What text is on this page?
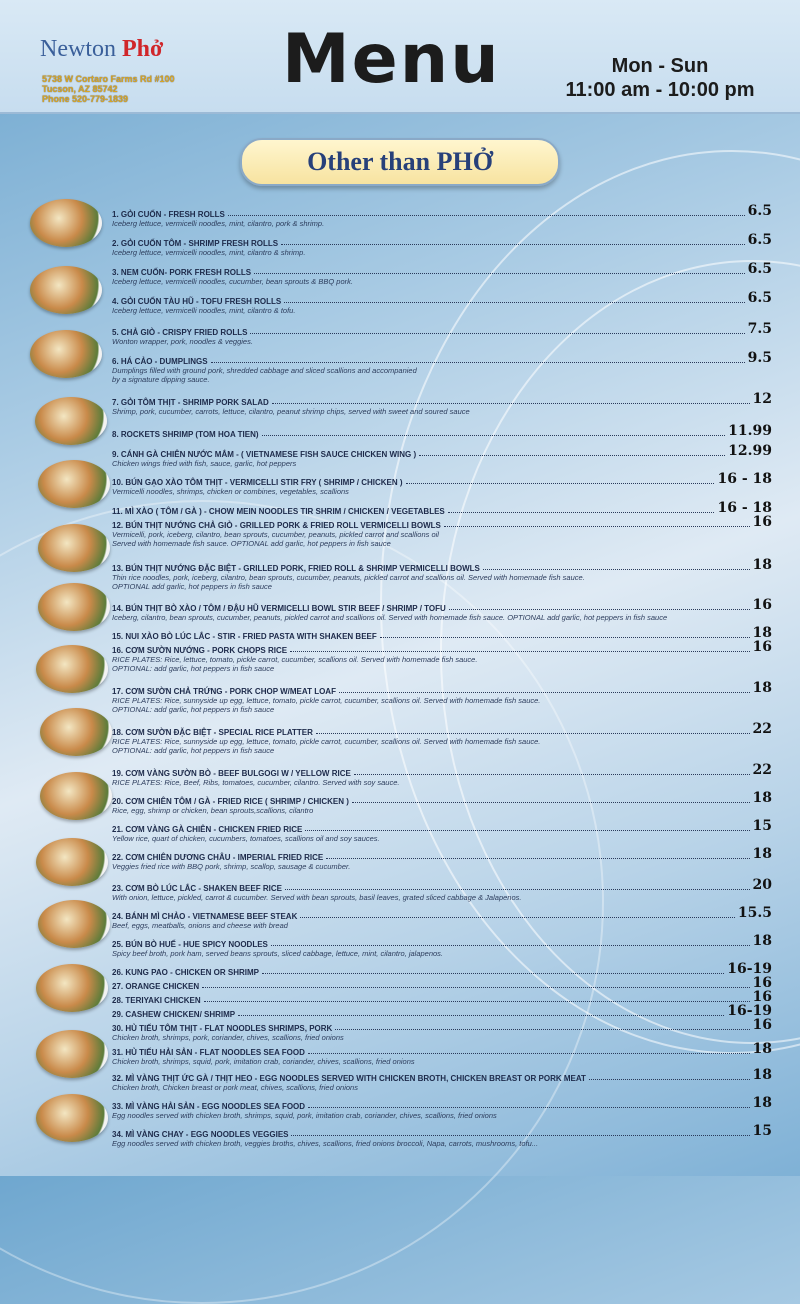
Newton Phở
5738 W Cortaro Farms Rd #100
Tucson, AZ 85742
Phone 520-779-1839	Menu	Mon - Sun
11:00 am - 10:00 pm
Other than PHỞ
1. GỎI CUỐN - FRESH ROLLS	6.5
Iceberg lettuce, vermicelli noodles, mint, cilantro, pork & shrimp.
2. GỎI CUỐN TÔM - SHRIMP FRESH ROLLS	6.5
Iceberg lettuce, vermicelli noodles, mint, cilantro & shrimp.
3. NEM CUỐN- PORK FRESH ROLLS	6.5
Iceberg lettuce, vermicelli noodles, cucumber, bean sprouts & BBQ pork.
4. GỎI CUỐN TÀU HŨ - TOFU FRESH ROLLS	6.5
Iceberg lettuce, vermicelli noodles, mint, cilantro & tofu.
5. CHẢ GIÒ - CRISPY FRIED ROLLS	7.5
Wonton wrapper, pork, noodles & veggies.
6. HÁ CẢO - DUMPLINGS	9.5
Dumplings filled with ground pork, shredded cabbage and sliced scallions and accompanied
by a signature dipping sauce.
7. GỎI TÔM THỊT - SHRIMP PORK SALAD	12
Shrimp, pork, cucumber, carrots, lettuce, cilantro, peanut shrimp chips, served with sweet and soured sauce
8. ROCKETS SHRIMP (TOM HOA TIEN)	11.99
9. CÁNH GÀ CHIÊN NƯỚC MẮM - ( VIETNAMESE FISH SAUCE CHICKEN WING )	12.99
Chicken wings fried with fish, sauce, garlic, hot peppers
10. BÚN GẠO XÀO TÔM THỊT - VERMICELLI STIR FRY ( SHRIMP / CHICKEN )	16 - 18
Vermicelli noodles, shrimps, chicken or combines, vegetables, scallions
11. MÌ XÀO ( TÔM / GÀ ) - CHOW MEIN NOODLES TIR SHRIM / CHICKEN / VEGETABLES	16 - 18
12. BÚN THỊT NƯỚNG CHẢ GIÒ - GRILLED PORK & FRIED ROLL VERMICELLI BOWLS	16
Vermicelli, pork, iceberg, cilantro, bean sprouts, cucumber, peanuts, pickled carrot and scallions oil
Served with homemade fish sauce. OPTIONAL add garlic, hot peppers in fish sauce
13. BÚN THỊT NƯỚNG ĐẶC BIỆT - GRILLED PORK, FRIED ROLL & SHRIMP VERMICELLI BOWLS	18
Thin rice noodles, pork, iceberg, cilantro, bean sprouts, cucumber, peanuts, pickled carrot and scallions oil. Served with homemade fish sauce.
OPTIONAL add garlic, hot peppers in fish sauce
14. BÚN THỊT BÒ XÀO / TÔM / ĐẬU HŨ VERMICELLI BOWL STIR BEEF / SHRIMP / TOFU	16
Iceberg, cilantro, bean sprouts, cucumber, peanuts, pickled carrot and scallions oil. Served with homemade fish sauce. OPTIONAL add garlic, hot peppers in fish sauce
15. NUI XÀO BÒ LÚC LẮC - STIR - FRIED PASTA WITH SHAKEN BEEF	18
16. CƠM SƯỜN NƯỚNG - PORK CHOPS RICE	16
RICE PLATES: Rice, lettuce, tomato, pickle carrot, cucumber, scallions oil. Served with homemade fish sauce.
OPTIONAL: add garlic, hot peppers in fish sauce
17. CƠM SƯỜN CHẢ TRỨNG - PORK CHOP W/MEAT LOAF	18
RICE PLATES: Rice, sunnyside up egg, lettuce, tomato, pickle carrot, cucumber, scallions oil. Served with homemade fish sauce.
OPTIONAL: add garlic, hot peppers in fish sauce
18. CƠM SƯỜN ĐẶC BIỆT - SPECIAL RICE PLATTER	22
RICE PLATES: Rice, sunnyside up egg, lettuce, tomato, pickle carrot, cucumber, scallions oil. Served with homemade fish sauce.
OPTIONAL: add garlic, hot peppers in fish sauce
19. CƠM VÀNG SƯỜN BÒ - BEEF BULGOGI W / YELLOW RICE	22
RICE PLATES: Rice, Beef, Ribs, tomatoes, cucumber, cilantro. Served with soy sauce.
20. CƠM CHIÊN TÔM / GÀ - FRIED RICE ( SHRIMP / CHICKEN )	18
Rice, egg, shrimp or chicken, bean sprouts,scallions, cilantro
21. CƠM VÀNG GÀ CHIÊN - CHICKEN FRIED RICE	15
Yellow rice, quart of chicken, cucumbers, tomatoes, scallions oil and soy sauces.
22. CƠM CHIÊN DƯƠNG CHÂU - IMPERIAL FRIED RICE	18
Veggies fried rice with BBQ pork, shrimp, scallop, sausage & cucumber.
23. CƠM BÒ LÚC LẮC - SHAKEN BEEF RICE	20
With onion, lettuce, pickled, carrot & cucumber. Served with bean sprouts, basil leaves, grated sliced cabbage & Jalapenos.
24. BÁNH MÌ CHẢO - VIETNAMESE BEEF STEAK	15.5
Beef, eggs, meatballs, onions and cheese with bread
25. BÚN BÒ HUẾ - HUE SPICY NOODLES	18
Spicy beef broth, pork ham, served beans sprouts, sliced cabbage, lettuce, mint, cilantro, jalapenos.
26. KUNG PAO - CHICKEN OR SHRIMP	16-19
27. ORANGE CHICKEN	16
28. TERIYAKI CHICKEN	16
29. CASHEW CHICKEN/ SHRIMP	16-19
30. HỦ TIẾU TÔM THỊT - FLAT NOODLES SHRIMPS, PORK	16
Chicken broth, shrimps, pork, coriander, chives, scallions, fried onions
31. HỦ TIẾU HẢI SẢN - FLAT NOODLES SEA FOOD	18
Chicken broth, shrimps, squid, pork, imitation crab, coriander, chives, scallions, fried onions
32. MÌ VÀNG THỊT ỨC GÀ / THỊT HEO - EGG NOODLES SERVED WITH CHICKEN BROTH, CHICKEN BREAST OR PORK MEAT	18
Chicken broth, Chicken breast or pork meat, chives, scallions, fried onions
33. MÌ VÀNG HẢI SẢN - EGG NOODLES SEA FOOD	18
Egg noodles served with chicken broth, shrimps, squid, pork, imitation crab, coriander, chives, scallions, fried onions
34. MÌ VÀNG CHAY - EGG NOODLES VEGGIES	15
Egg noodles served with chicken broth, veggies broths, chives, scallions, fried onions broccoli, Napa, carrots, mushrooms, tofu...
